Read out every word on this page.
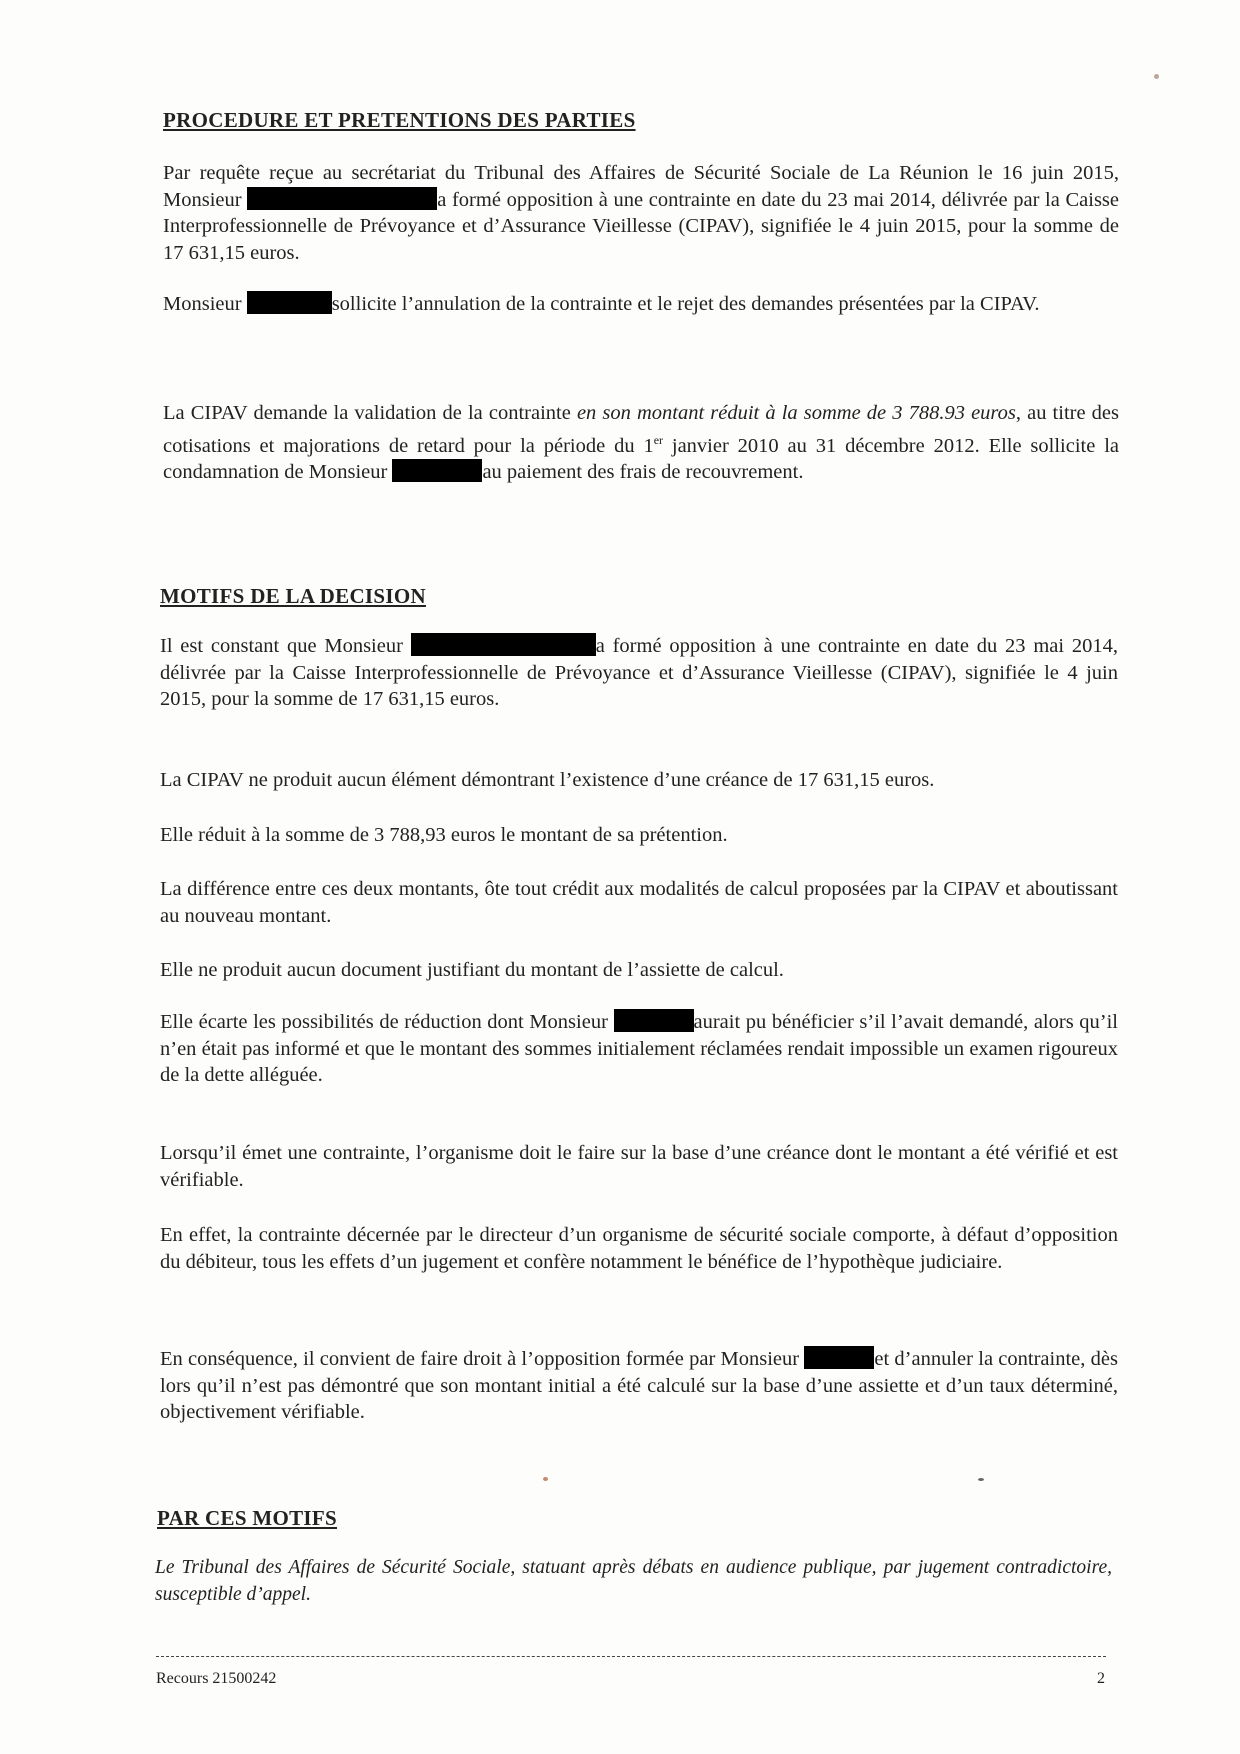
PROCEDURE ET PRETENTIONS DES PARTIES

Par requête reçue au secrétariat du Tribunal des Affaires de Sécurité Sociale de La Réunion le 16 juin 2015, Monsieur	a formé opposition à une contrainte en date du 23 mai 2014, délivrée par la Caisse Interprofessionnelle de Prévoyance et d’Assurance Vieillesse (CIPAV), signifiée le 4 juin 2015, pour la somme de 17 631,15 euros.

Monsieur	sollicite l’annulation de la contrainte et le rejet des demandes présentées par la CIPAV.

La CIPAV demande la validation de la contrainte en son montant réduit à la somme de 3 788.93 euros, au titre des cotisations et majorations de retard pour la période du 1er janvier 2010 au 31 décembre 2012. Elle sollicite la condamnation de Monsieur	au paiement des frais de recouvrement.

MOTIFS DE LA DECISION

Il est constant que Monsieur	a formé opposition à une contrainte en date du 23 mai 2014, délivrée par la Caisse Interprofessionnelle de Prévoyance et d’Assurance Vieillesse (CIPAV), signifiée le 4 juin 2015, pour la somme de 17 631,15 euros.

La CIPAV ne produit aucun élément démontrant l’existence d’une créance de 17 631,15 euros.

Elle réduit à la somme de 3 788,93 euros le montant de sa prétention.

La différence entre ces deux montants, ôte tout crédit aux modalités de calcul proposées par la CIPAV et aboutissant au nouveau montant.

Elle ne produit aucun document justifiant du montant de l’assiette de calcul.

Elle écarte les possibilités de réduction dont Monsieur	aurait pu bénéficier s’il l’avait demandé, alors qu’il n’en était pas informé et que le montant des sommes initialement réclamées rendait impossible un examen rigoureux de la dette alléguée.

Lorsqu’il émet une contrainte, l’organisme doit le faire sur la base d’une créance dont le montant a été vérifié et est vérifiable.

En effet, la contrainte décernée par le directeur d’un organisme de sécurité sociale comporte, à défaut d’opposition du débiteur, tous les effets d’un jugement et confère notamment le bénéfice de l’hypothèque judiciaire.

En conséquence, il convient de faire droit à l’opposition formée par Monsieur	et d’annuler la contrainte, dès lors qu’il n’est pas démontré que son montant initial a été calculé sur la base d’une assiette et d’un taux déterminé, objectivement vérifiable.

PAR CES MOTIFS

Le Tribunal des Affaires de Sécurité Sociale, statuant après débats en audience publique, par jugement contradictoire, susceptible d’appel.

Recours 21500242	2
